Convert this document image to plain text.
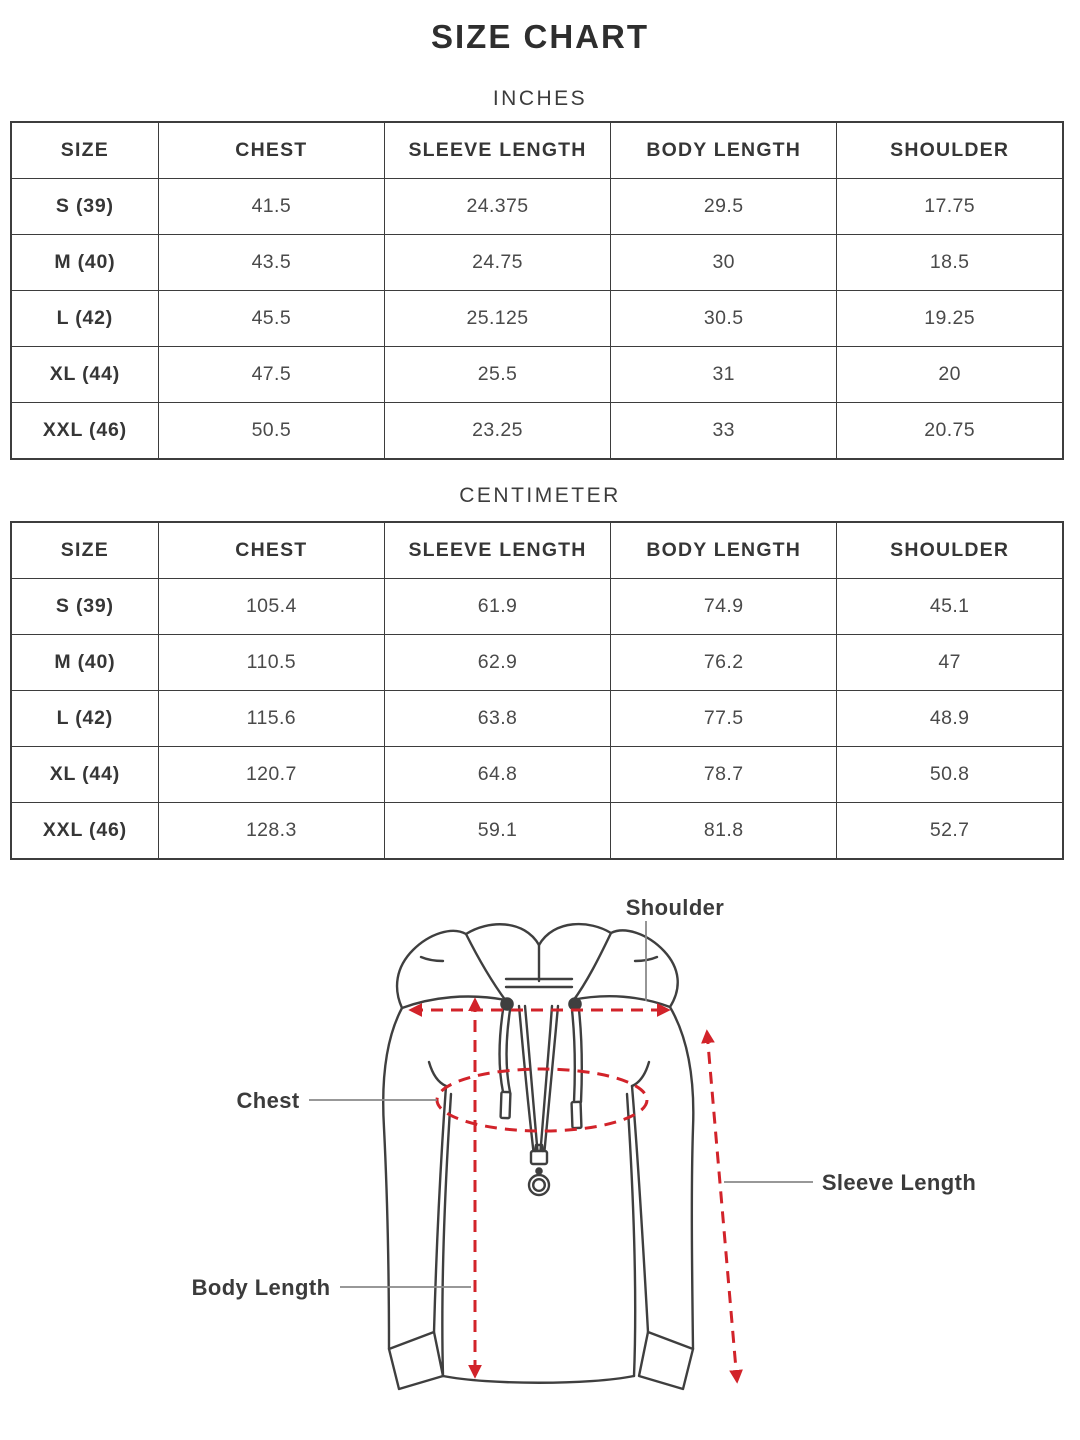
SIZE CHART
INCHES
SIZE	CHEST	SLEEVE LENGTH	BODY LENGTH	SHOULDER
S (39)	41.5	24.375	29.5	17.75
M (40)	43.5	24.75	30	18.5
L (42)	45.5	25.125	30.5	19.25
XL (44)	47.5	25.5	31	20
XXL (46)	50.5	23.25	33	20.75
CENTIMETER
SIZE	CHEST	SLEEVE LENGTH	BODY LENGTH	SHOULDER
S (39)	105.4	61.9	74.9	45.1
M (40)	110.5	62.9	76.2	47
L (42)	115.6	63.8	77.5	48.9
XL (44)	120.7	64.8	78.7	50.8
XXL (46)	128.3	59.1	81.8	52.7
Shoulder
Chest
Body Length
Sleeve Length
